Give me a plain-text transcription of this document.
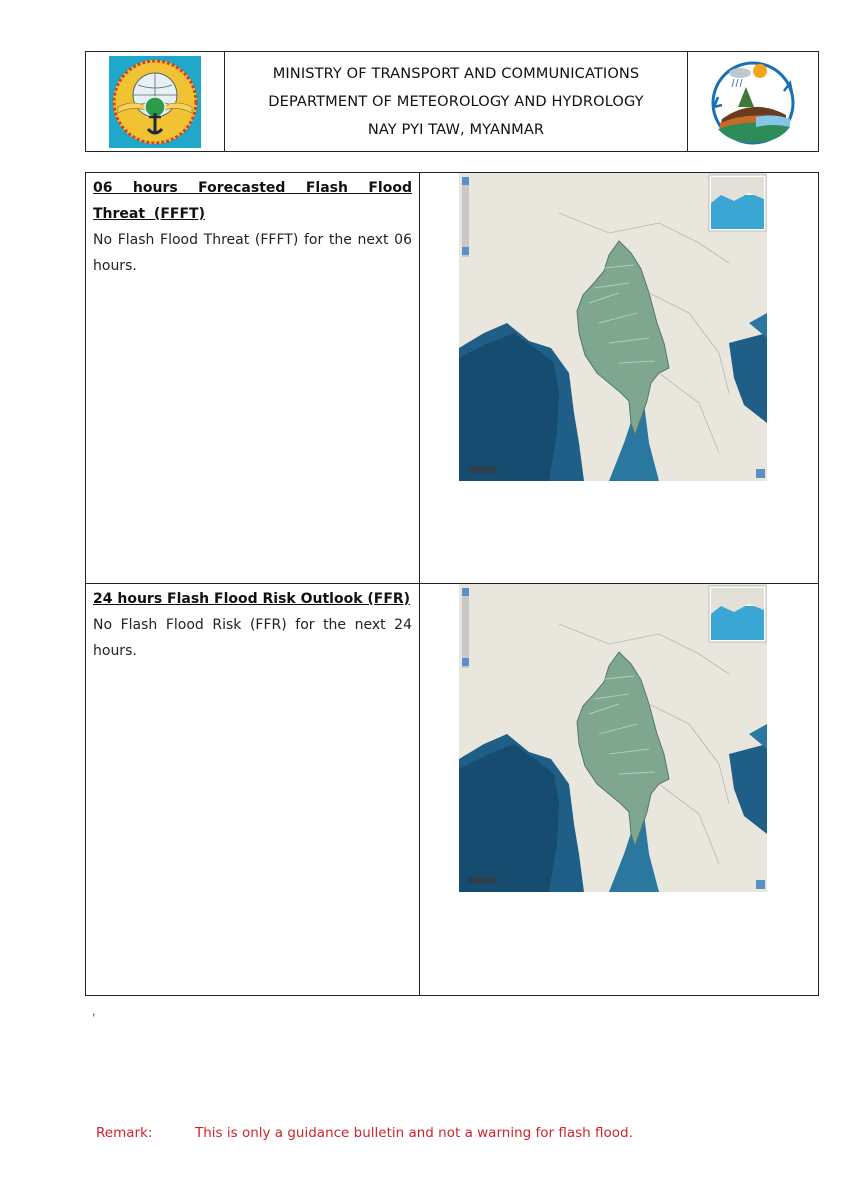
MINISTRY OF TRANSPORT AND COMMUNICATIONS
DEPARTMENT OF METEOROLOGY AND HYDROLOGY
NAY PYI TAW, MYANMAR
06 hours Forecasted Flash Flood Threat (FFFT)
No Flash Flood Threat (FFFT) for the next 06 hours.
24 hours Flash Flood Risk Outlook (FFR)
No Flash Flood Risk (FFR) for the next 24 hours.
,
Remark:	This is only a guidance bulletin and not a warning for flash flood.
